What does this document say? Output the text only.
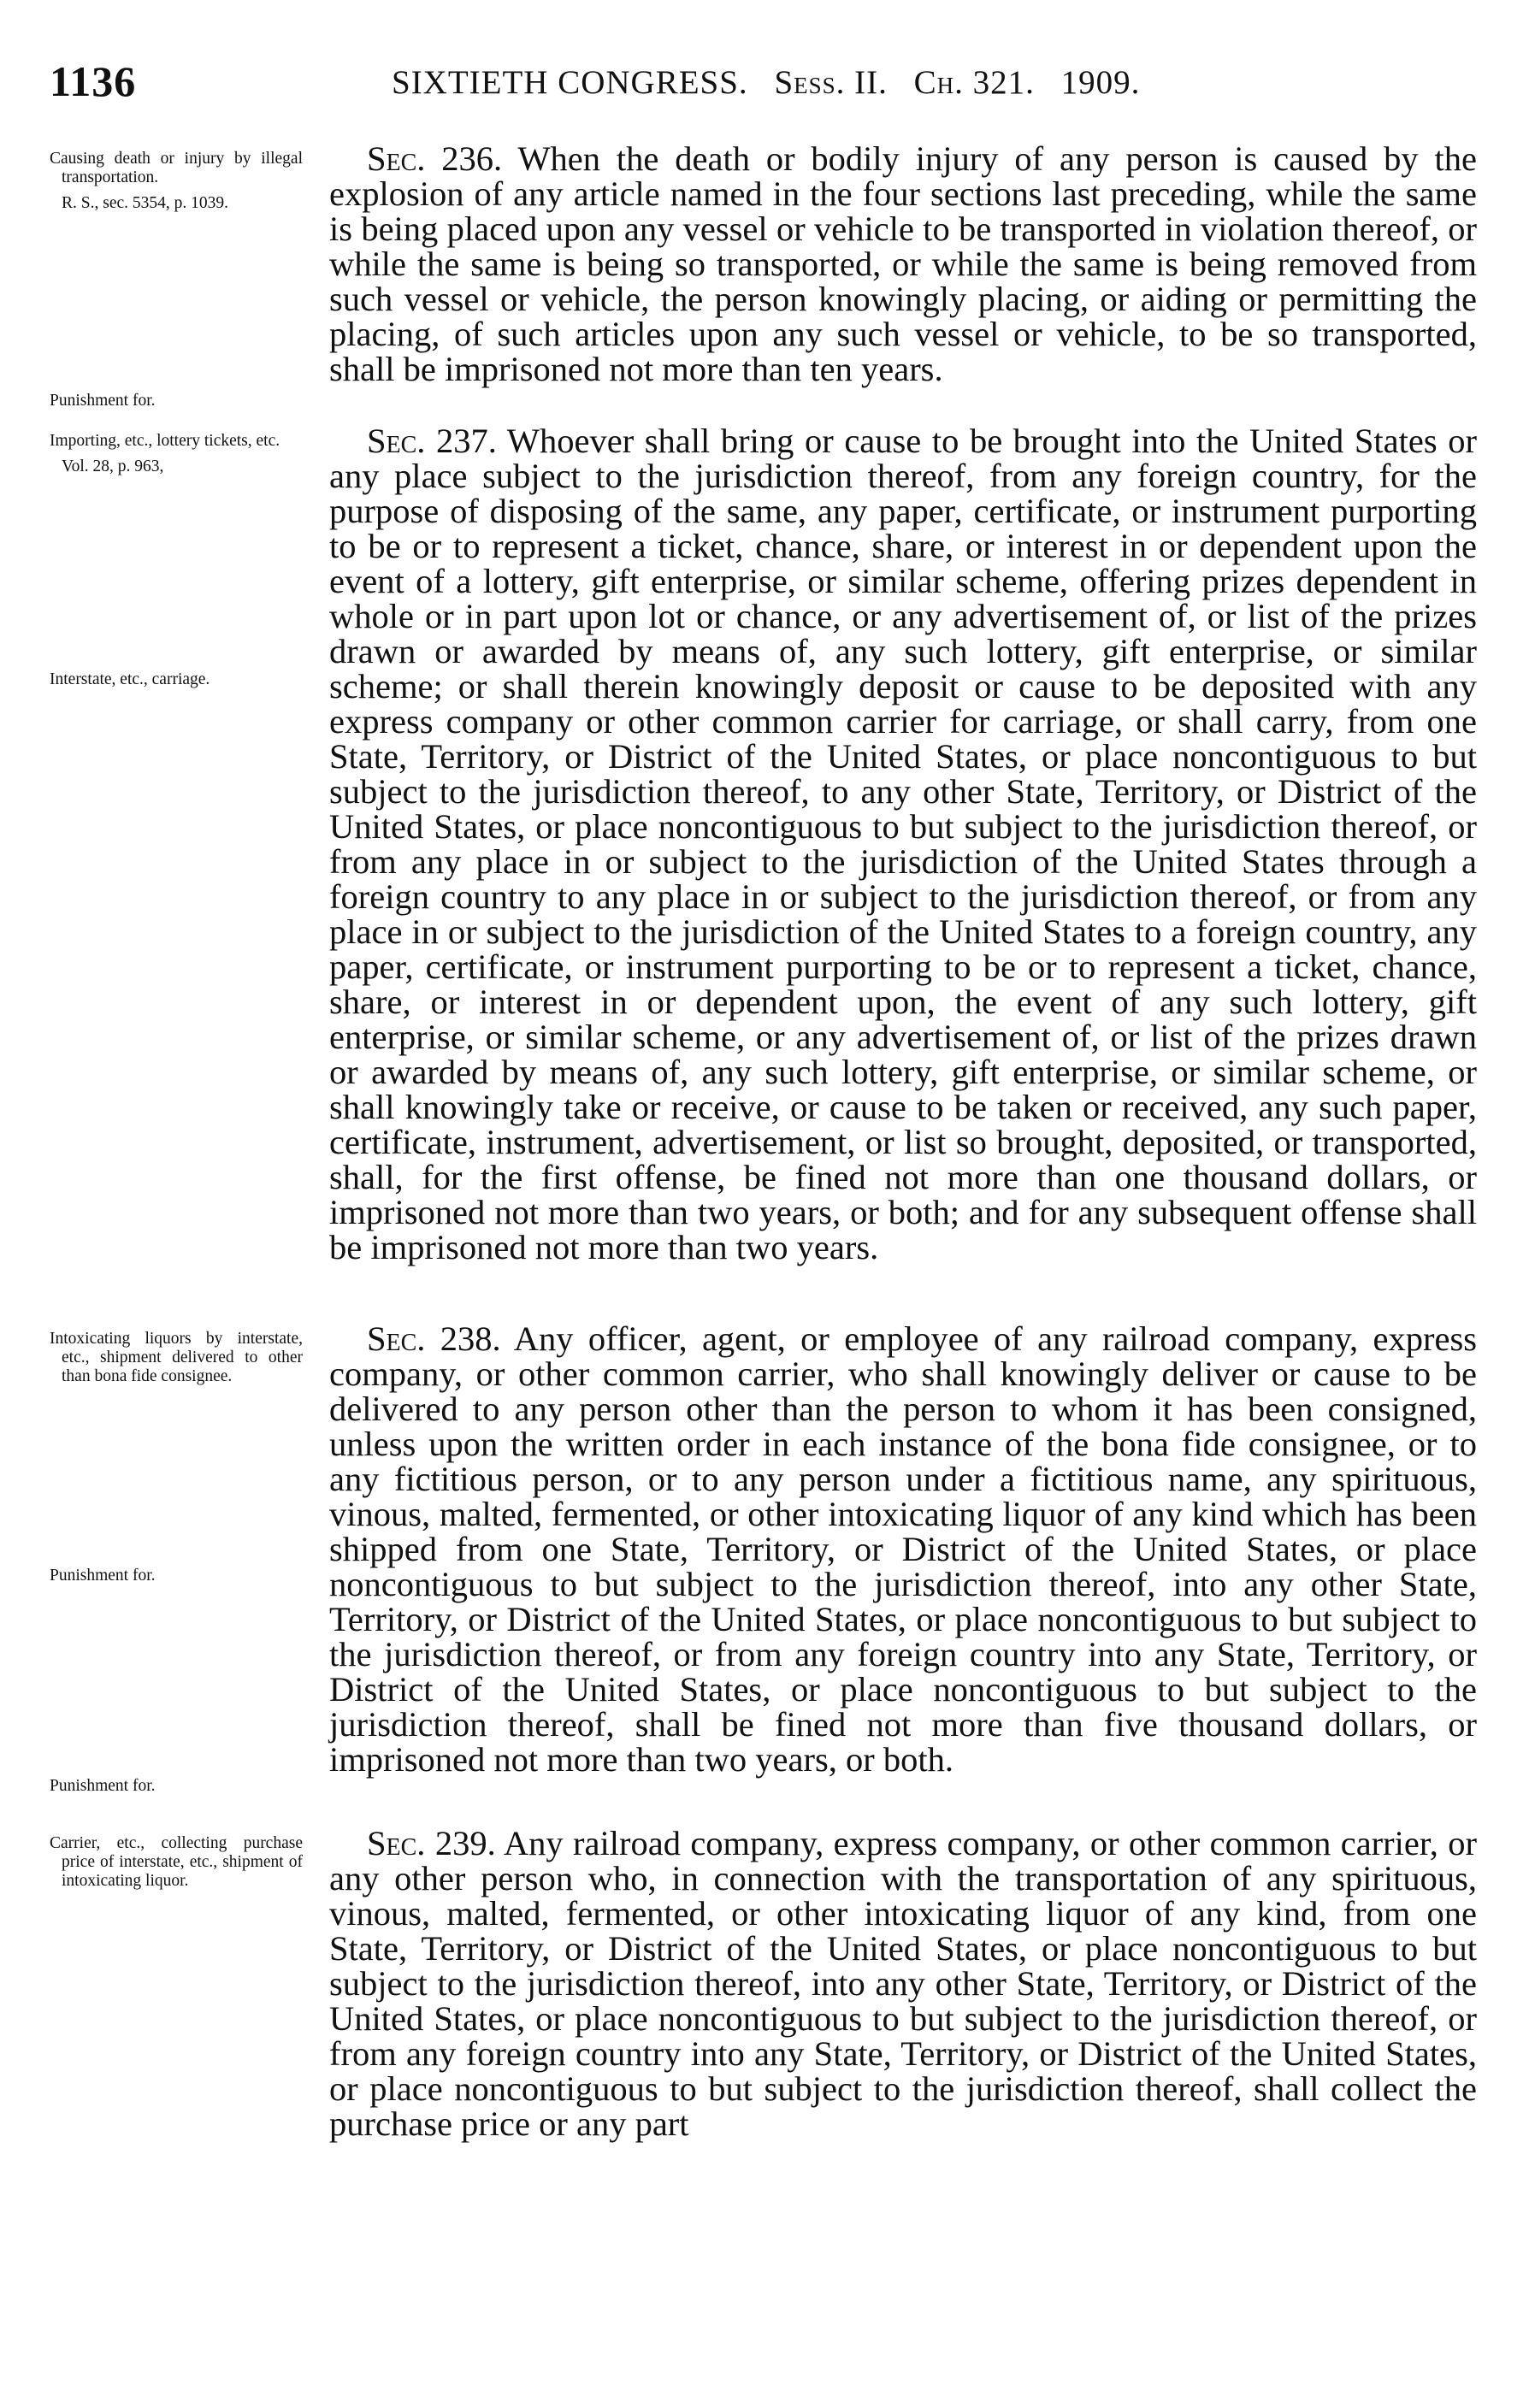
1136	SIXTIETH CONGRESS. Sess. II. Ch. 321. 1909.
Causing death or injury by illegal transportation.
R. S., sec. 5354, p. 1039.
Punishment for.

Sec. 236. When the death or bodily injury of any person is caused by the explosion of any article named in the four sections last preceding, while the same is being placed upon any vessel or vehicle to be transported in violation thereof, or while the same is being so transported, or while the same is being removed from such vessel or vehicle, the person knowingly placing, or aiding or permitting the placing, of such articles upon any such vessel or vehicle, to be so transported, shall be imprisoned not more than ten years.

Importing, etc., lottery tickets, etc.
Vol. 28, p. 963,
Interstate, etc., carriage.
Punishment for.

Sec. 237. Whoever shall bring or cause to be brought into the United States or any place subject to the jurisdiction thereof, from any foreign country, for the purpose of disposing of the same, any paper, certificate, or instrument purporting to be or to represent a ticket, chance, share, or interest in or dependent upon the event of a lottery, gift enterprise, or similar scheme, offering prizes dependent in whole or in part upon lot or chance, or any advertisement of, or list of the prizes drawn or awarded by means of, any such lottery, gift enterprise, or similar scheme; or shall therein knowingly deposit or cause to be deposited with any express company or other common carrier for carriage, or shall carry, from one State, Territory, or District of the United States, or place noncontiguous to but subject to the jurisdiction thereof, to any other State, Territory, or District of the United States, or place noncontiguous to but subject to the jurisdiction thereof, or from any place in or subject to the jurisdiction of the United States through a foreign country to any place in or subject to the jurisdiction thereof, or from any place in or subject to the jurisdiction of the United States to a foreign country, any paper, certificate, or instrument purporting to be or to represent a ticket, chance, share, or interest in or dependent upon, the event of any such lottery, gift enterprise, or similar scheme, or any advertisement of, or list of the prizes drawn or awarded by means of, any such lottery, gift enterprise, or similar scheme, or shall knowingly take or receive, or cause to be taken or received, any such paper, certificate, instrument, advertisement, or list so brought, deposited, or transported, shall, for the first offense, be fined not more than one thousand dollars, or imprisoned not more than two years, or both; and for any subsequent offense shall be imprisoned not more than two years.

Intoxicating liquors by interstate, etc., shipment delivered to other than bona fide consignee.
Punishment for.

Sec. 238. Any officer, agent, or employee of any railroad company, express company, or other common carrier, who shall knowingly deliver or cause to be delivered to any person other than the person to whom it has been consigned, unless upon the written order in each instance of the bona fide consignee, or to any fictitious person, or to any person under a fictitious name, any spirituous, vinous, malted, fermented, or other intoxicating liquor of any kind which has been shipped from one State, Territory, or District of the United States, or place noncontiguous to but subject to the jurisdiction thereof, into any other State, Territory, or District of the United States, or place noncontiguous to but subject to the jurisdiction thereof, or from any foreign country into any State, Territory, or District of the United States, or place noncontiguous to but subject to the jurisdiction thereof, shall be fined not more than five thousand dollars, or imprisoned not more than two years, or both.

Carrier, etc., collecting purchase price of interstate, etc., shipment of intoxicating liquor.

Sec. 239. Any railroad company, express company, or other common carrier, or any other person who, in connection with the transportation of any spirituous, vinous, malted, fermented, or other intoxicating liquor of any kind, from one State, Territory, or District of the United States, or place noncontiguous to but subject to the jurisdiction thereof, into any other State, Territory, or District of the United States, or place noncontiguous to but subject to the jurisdiction thereof, or from any foreign country into any State, Territory, or District of the United States, or place noncontiguous to but subject to the jurisdiction thereof, shall collect the purchase price or any part
